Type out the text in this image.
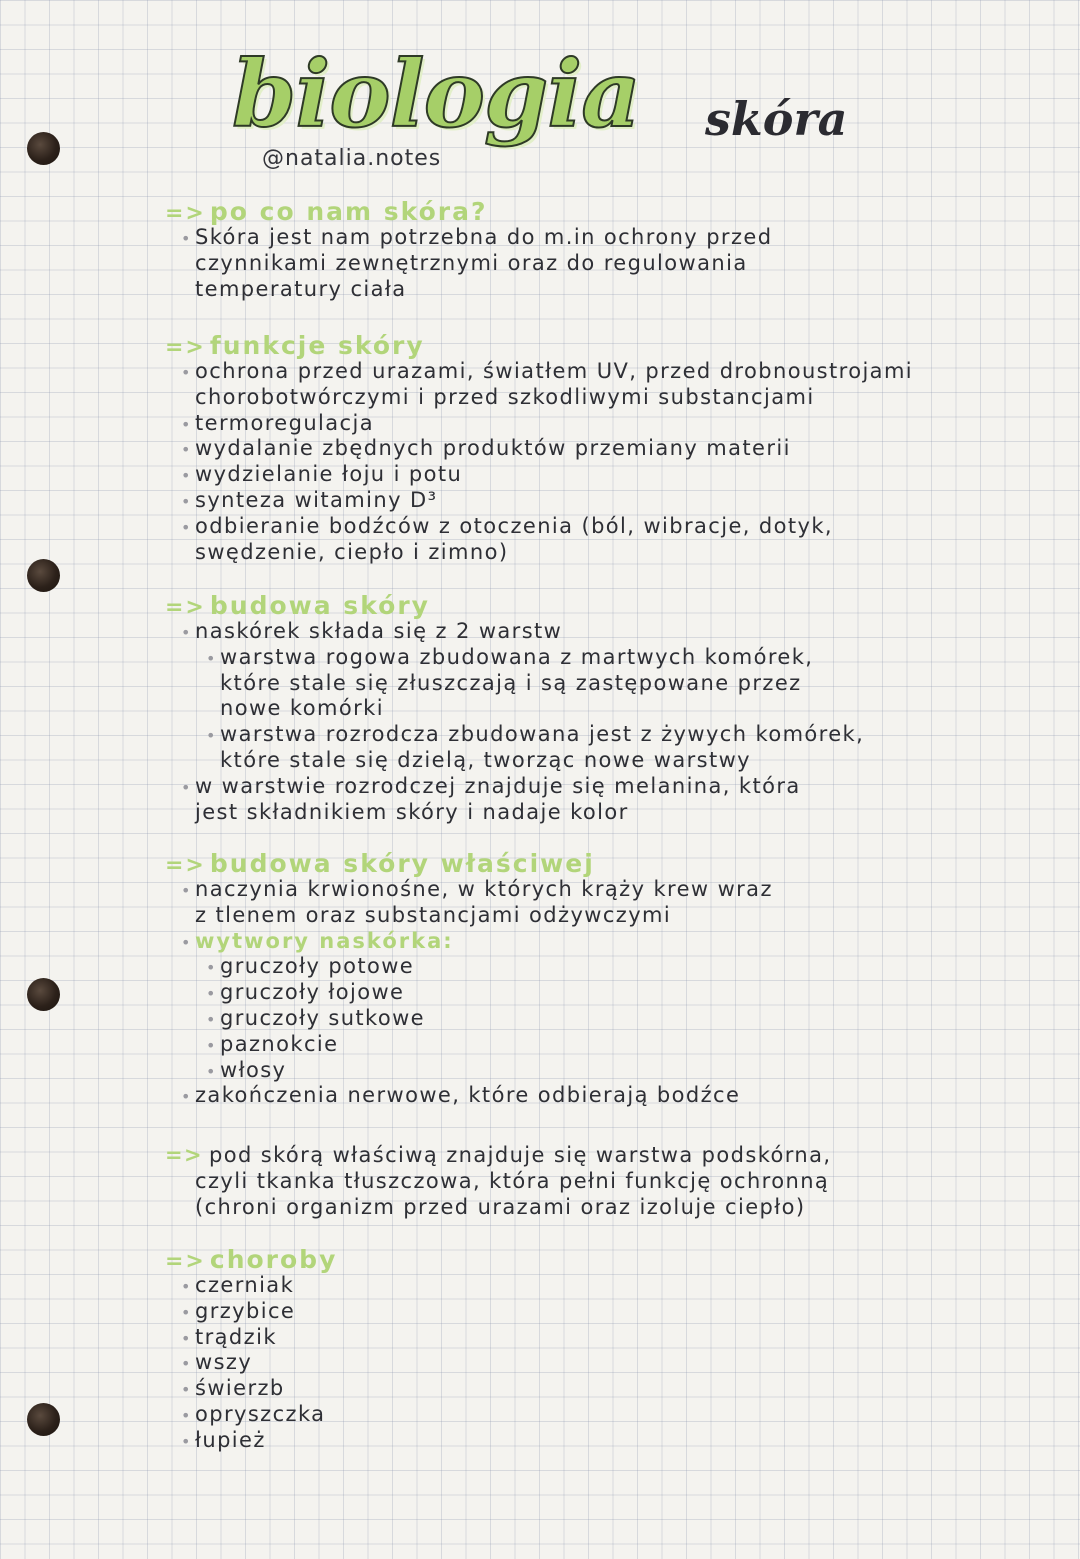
biologia
@natalia.notes
skóra
=> po co nam skóra?
• Skóra jest nam potrzebna do m.in ochrony przed
czynnikami zewnętrznymi oraz do regulowania
temperatury ciała
=> funkcje skóry
• ochrona przed urazami, światłem UV, przed drobnoustrojami
chorobotwórczymi i przed szkodliwymi substancjami
• termoregulacja
• wydalanie zbędnych produktów przemiany materii
• wydzielanie łoju i potu
• synteza witaminy D³
• odbieranie bodźców z otoczenia (ból, wibracje, dotyk,
swędzenie, ciepło i zimno)
=> budowa skóry
• naskórek składa się z 2 warstw
• warstwa rogowa zbudowana z martwych komórek,
które stale się złuszczają i są zastępowane przez
nowe komórki
• warstwa rozrodcza zbudowana jest z żywych komórek,
które stale się dzielą, tworząc nowe warstwy
• w warstwie rozrodczej znajduje się melanina, która
jest składnikiem skóry i nadaje kolor
=> budowa skóry właściwej
• naczynia krwionośne, w których krąży krew wraz
z tlenem oraz substancjami odżywczymi
• wytwory naskórka:
• gruczoły potowe
• gruczoły łojowe
• gruczoły sutkowe
• paznokcie
• włosy
• zakończenia nerwowe, które odbierają bodźce
=> pod skórą właściwą znajduje się warstwa podskórna,
czyli tkanka tłuszczowa, która pełni funkcję ochronną
(chroni organizm przed urazami oraz izoluje ciepło)
=> choroby
• czerniak
• grzybice
• trądzik
• wszy
• świerzb
• opryszczka
• łupież
